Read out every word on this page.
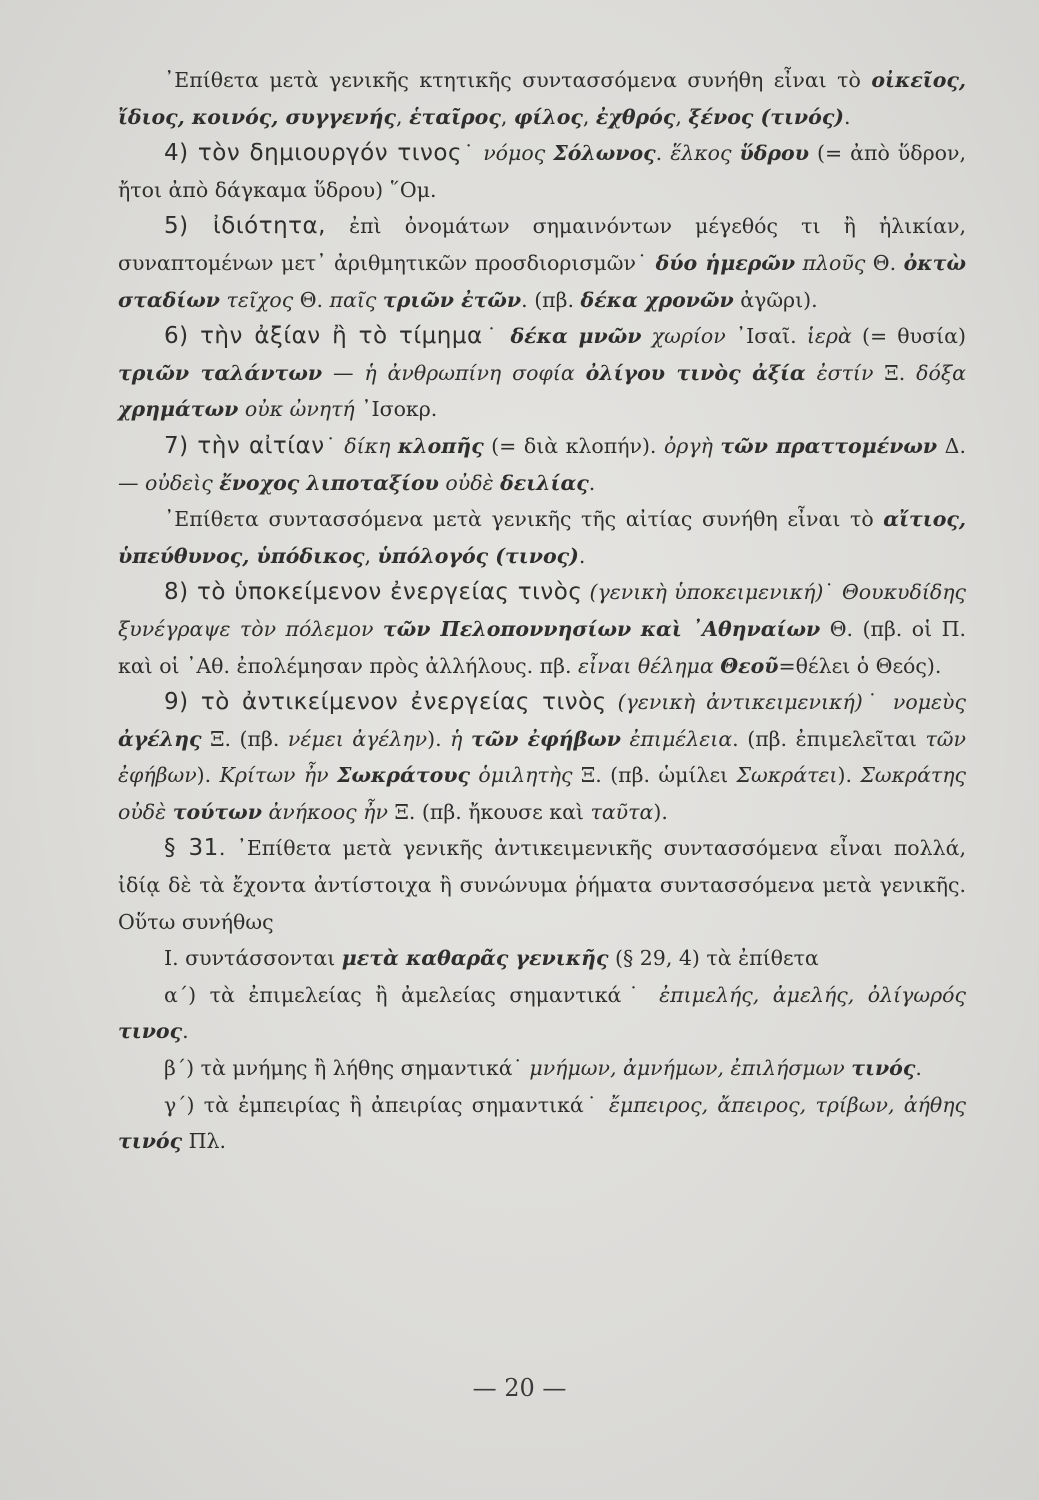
᾿Επίθετα μετὰ γενικῆς κτητικῆς συντασσόμενα συνήθη εἶναι τὸ οἰκεῖος, ἴδιος, κοινός, συγγενής, ἑταῖρος, φίλος, ἐχθρός, ξένος (τινός).

4) τὸν δημιουργόν τινος˙ νόμος Σόλωνος. ἕλκος ὕδρου (= ἀπὸ ὕδρον, ἤτοι ἀπὸ δάγκαμα ὕδρου) ῞Ομ.

5) ἰδιότητα, ἐπὶ ὀνομάτων σημαινόντων μέγεθός τι ἢ ἡλικίαν, συναπτομένων μετ᾿ ἀριθμητικῶν προσδιορισμῶν˙ δύο ἡμερῶν πλοῦς Θ. ὀκτὼ σταδίων τεῖχος Θ. παῖς τριῶν ἐτῶν. (πβ. δέκα χρονῶν ἀγῶρι).

6) τὴν ἀξίαν ἢ τὸ τίμημα˙ δέκα μνῶν χωρίον ᾿Ισαῖ. ἱερὰ (= θυσία) τριῶν ταλάντων — ἡ ἀνθρωπίνη σοφία ὀλίγου τινὸς ἀξία ἐστίν Ξ. δόξα χρημάτων οὐκ ὠνητή ᾿Ισοκρ.

7) τὴν αἰτίαν˙ δίκη κλοπῆς (= διὰ κλοπήν). ὀργὴ τῶν πραττομένων Δ. — οὐδεὶς ἔνοχος λιποταξίου οὐδὲ δειλίας.

᾿Επίθετα συντασσόμενα μετὰ γενικῆς τῆς αἰτίας συνήθη εἶναι τὸ αἴτιος, ὑπεύθυνος, ὑπόδικος, ὑπόλογός (τινος).

8) τὸ ὑποκείμενον ἐνεργείας τινὸς (γενικὴ ὑποκειμενική)˙ Θουκυδίδης ξυνέγραψε τὸν πόλεμον τῶν Πελοποννησίων καὶ ᾿Αθηναίων Θ. (πβ. οἱ Π. καὶ οἱ ᾿Αθ. ἐπολέμησαν πρὸς ἀλλήλους. πβ. εἶναι θέλημα Θεοῦ=θέλει ὁ Θεός).

9) τὸ ἀντικείμενον ἐνεργείας τινὸς (γενικὴ ἀντικειμενική)˙ νομεὺς ἀγέλης Ξ. (πβ. νέμει ἀγέλην). ἡ τῶν ἐφήβων ἐπιμέλεια. (πβ. ἐπιμελεῖται τῶν ἐφήβων). Κρίτων ἦν Σωκράτους ὁμιλητὴς Ξ. (πβ. ὡμίλει Σωκράτει). Σωκράτης οὐδὲ τούτων ἀνήκοος ἦν Ξ. (πβ. ἤκουσε καὶ ταῦτα).

§ 31. ᾿Επίθετα μετὰ γενικῆς ἀντικειμενικῆς συντασσόμενα εἶναι πολλά, ἰδίᾳ δὲ τὰ ἔχοντα ἀντίστοιχα ἢ συνώνυμα ῥήματα συντασσόμενα μετὰ γενικῆς. Οὕτω συνήθως

Ι. συντάσσονται μετὰ καθαρᾶς γενικῆς (§ 29, 4) τὰ ἐπίθετα

α΄) τὰ ἐπιμελείας ἢ ἀμελείας σημαντικά˙ ἐπιμελής, ἀμελής, ὀλίγωρός τινος.

β΄) τὰ μνήμης ἢ λήθης σημαντικά˙ μνήμων, ἀμνήμων, ἐπιλήσμων τινός.

γ΄) τὰ ἐμπειρίας ἢ ἀπειρίας σημαντικά˙ ἔμπειρος, ἄπειρος, τρίβων, ἀήθης τινός Πλ.

— 20 —
